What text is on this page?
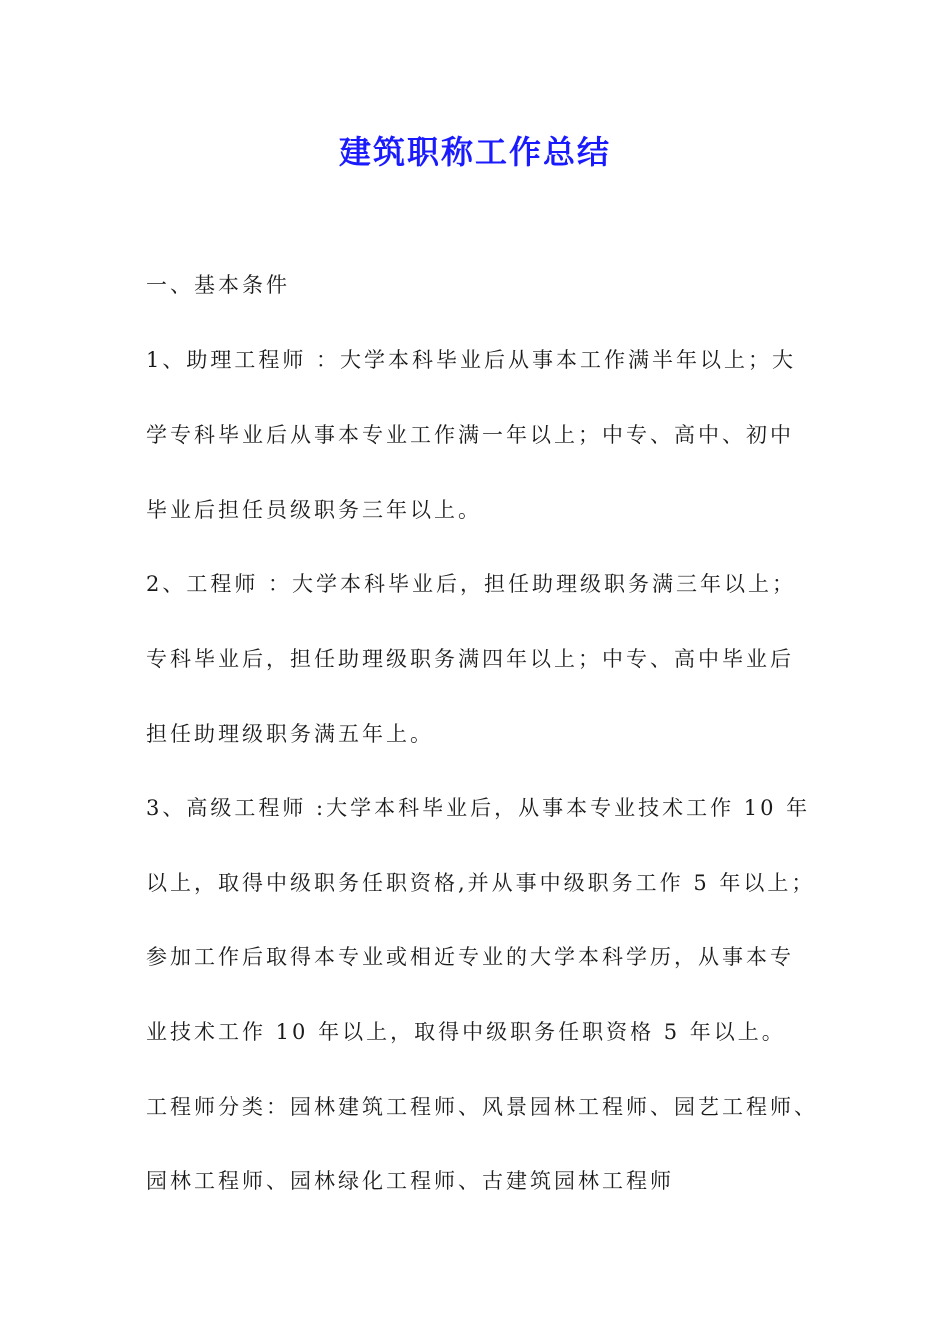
建筑职称工作总结
一、基本条件
1、助理工程师 ：大学本科毕业后从事本工作满半年以上；大
学专科毕业后从事本专业工作满一年以上；中专、高中、初中
毕业后担任员级职务三年以上。
2、工程师 ：大学本科毕业后，担任助理级职务满三年以上；
专科毕业后，担任助理级职务满四年以上；中专、高中毕业后
担任助理级职务满五年上。
3、高级工程师 :大学本科毕业后，从事本专业技术工作 10 年
以上，取得中级职务任职资格,并从事中级职务工作 5 年以上；
参加工作后取得本专业或相近专业的大学本科学历，从事本专
业技术工作 10 年以上，取得中级职务任职资格 5 年以上。
工程师分类：园林建筑工程师、风景园林工程师、园艺工程师、
园林工程师、园林绿化工程师、古建筑园林工程师
